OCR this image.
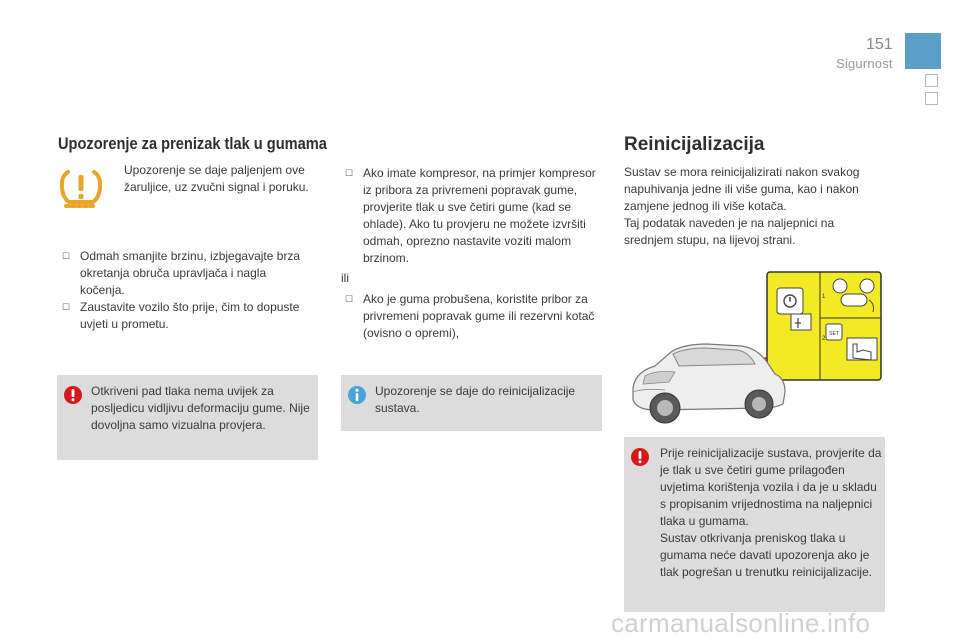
151
Sigurnost
Upozorenje za prenizak tlak u gumama
Upozorenje se daje paljenjem ove žaruljice, uz zvučni signal i poruku.
☐ Odmah smanjite brzinu, izbjegavajte brza okretanja obruča upravljača i nagla kočenja.
☐ Zaustavite vozilo što prije, čim to dopuste uvjeti u prometu.
Otkriveni pad tlaka nema uvijek za posljedicu vidljivu deformaciju gume. Nije dovoljna samo vizualna provjera.
☐ Ako imate kompresor, na primjer kompresor iz pribora za privremeni popravak gume, provjerite tlak u sve četiri gume (kad se ohlade). Ako tu provjeru ne možete izvršiti odmah, oprezno nastavite voziti malom brzinom.
ili
☐ Ako je guma probušena, koristite pribor za privremeni popravak gume ili rezervni kotač (ovisno o opremi),
Upozorenje se daje do reinicijalizacije sustava.
Reinicijalizacija
Sustav se mora reinicijalizirati nakon svakog napuhivanja jedne ili više guma, kao i nakon zamjene jednog ili više kotača.
Taj podatak naveden je na naljepnici na srednjem stupu, na lijevoj strani.
1
2
SET
Prije reinicijalizacije sustava, provjerite da je tlak u sve četiri gume prilagođen uvjetima korištenja vozila i da je u skladu s propisanim vrijednostima na naljepnici tlaka u gumama.
Sustav otkrivanja preniskog tlaka u gumama neće davati upozorenja ako je tlak pogrešan u trenutku reinicijalizacije.
carmanualsonline.info
